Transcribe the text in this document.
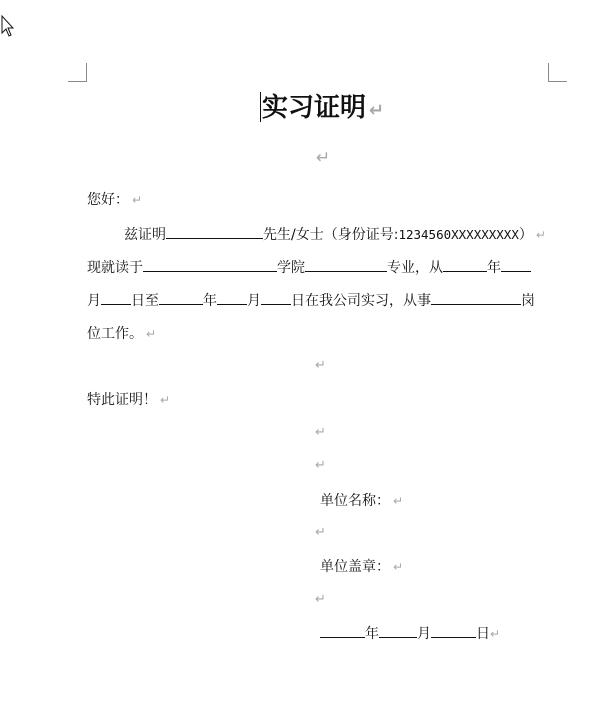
实习证明 ↵
↵
您好： ↵
兹证明	先生/女士（身份证号:1234560XXXXXXXXX） ↵
现就读于	学院	专业，从	年
月 日至	年 月 日在我公司实习，从事	岗
位工作。 ↵
↵
特此证明！ ↵
↵
↵
单位名称： ↵
↵
单位盖章： ↵
↵
年	月	日↵
